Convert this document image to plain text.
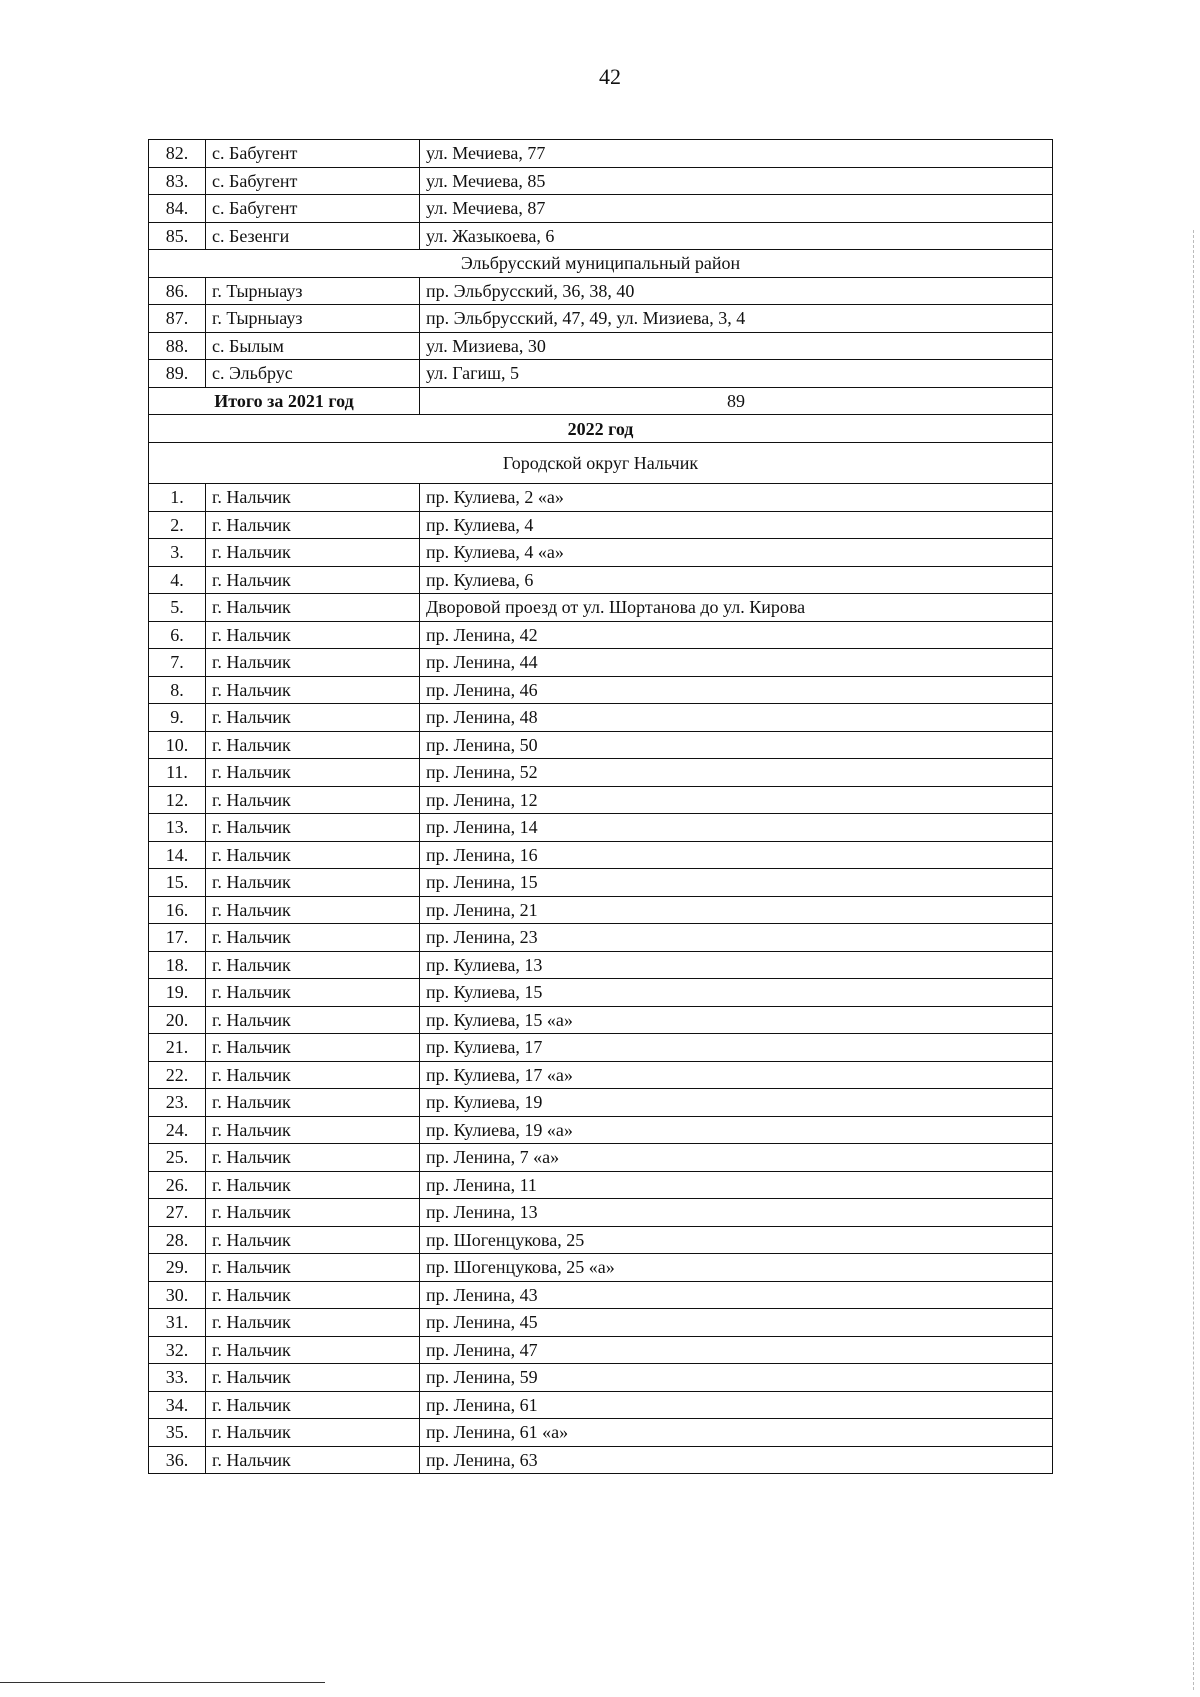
42
82.	с. Бабугент	ул. Мечиева, 77
83.	с. Бабугент	ул. Мечиева, 85
84.	с. Бабугент	ул. Мечиева, 87
85.	с. Безенги	ул. Жазыкоева, 6
Эльбрусский муниципальный район		
86.	г. Тырныауз	пр. Эльбрусский, 36, 38, 40
87.	г. Тырныауз	пр. Эльбрусский, 47, 49, ул. Мизиева, 3, 4
88.	с. Былым	ул. Мизиева, 30
89.	с. Эльбрус	ул. Гагиш, 5
Итого за 2021 год		89
2022 год		
Городской округ Нальчик		
1.	г. Нальчик	пр. Кулиева, 2 «а»
2.	г. Нальчик	пр. Кулиева, 4
3.	г. Нальчик	пр. Кулиева, 4 «а»
4.	г. Нальчик	пр. Кулиева, 6
5.	г. Нальчик	Дворовой проезд от ул. Шортанова до ул. Кирова
6.	г. Нальчик	пр. Ленина, 42
7.	г. Нальчик	пр. Ленина, 44
8.	г. Нальчик	пр. Ленина, 46
9.	г. Нальчик	пр. Ленина, 48
10.	г. Нальчик	пр. Ленина, 50
11.	г. Нальчик	пр. Ленина, 52
12.	г. Нальчик	пр. Ленина, 12
13.	г. Нальчик	пр. Ленина, 14
14.	г. Нальчик	пр. Ленина, 16
15.	г. Нальчик	пр. Ленина, 15
16.	г. Нальчик	пр. Ленина, 21
17.	г. Нальчик	пр. Ленина, 23
18.	г. Нальчик	пр. Кулиева, 13
19.	г. Нальчик	пр. Кулиева, 15
20.	г. Нальчик	пр. Кулиева, 15 «а»
21.	г. Нальчик	пр. Кулиева, 17
22.	г. Нальчик	пр. Кулиева, 17 «а»
23.	г. Нальчик	пр. Кулиева, 19
24.	г. Нальчик	пр. Кулиева, 19 «а»
25.	г. Нальчик	пр. Ленина, 7 «а»
26.	г. Нальчик	пр. Ленина, 11
27.	г. Нальчик	пр. Ленина, 13
28.	г. Нальчик	пр. Шогенцукова, 25
29.	г. Нальчик	пр. Шогенцукова, 25 «а»
30.	г. Нальчик	пр. Ленина, 43
31.	г. Нальчик	пр. Ленина, 45
32.	г. Нальчик	пр. Ленина, 47
33.	г. Нальчик	пр. Ленина, 59
34.	г. Нальчик	пр. Ленина, 61
35.	г. Нальчик	пр. Ленина, 61 «а»
36.	г. Нальчик	пр. Ленина, 63
